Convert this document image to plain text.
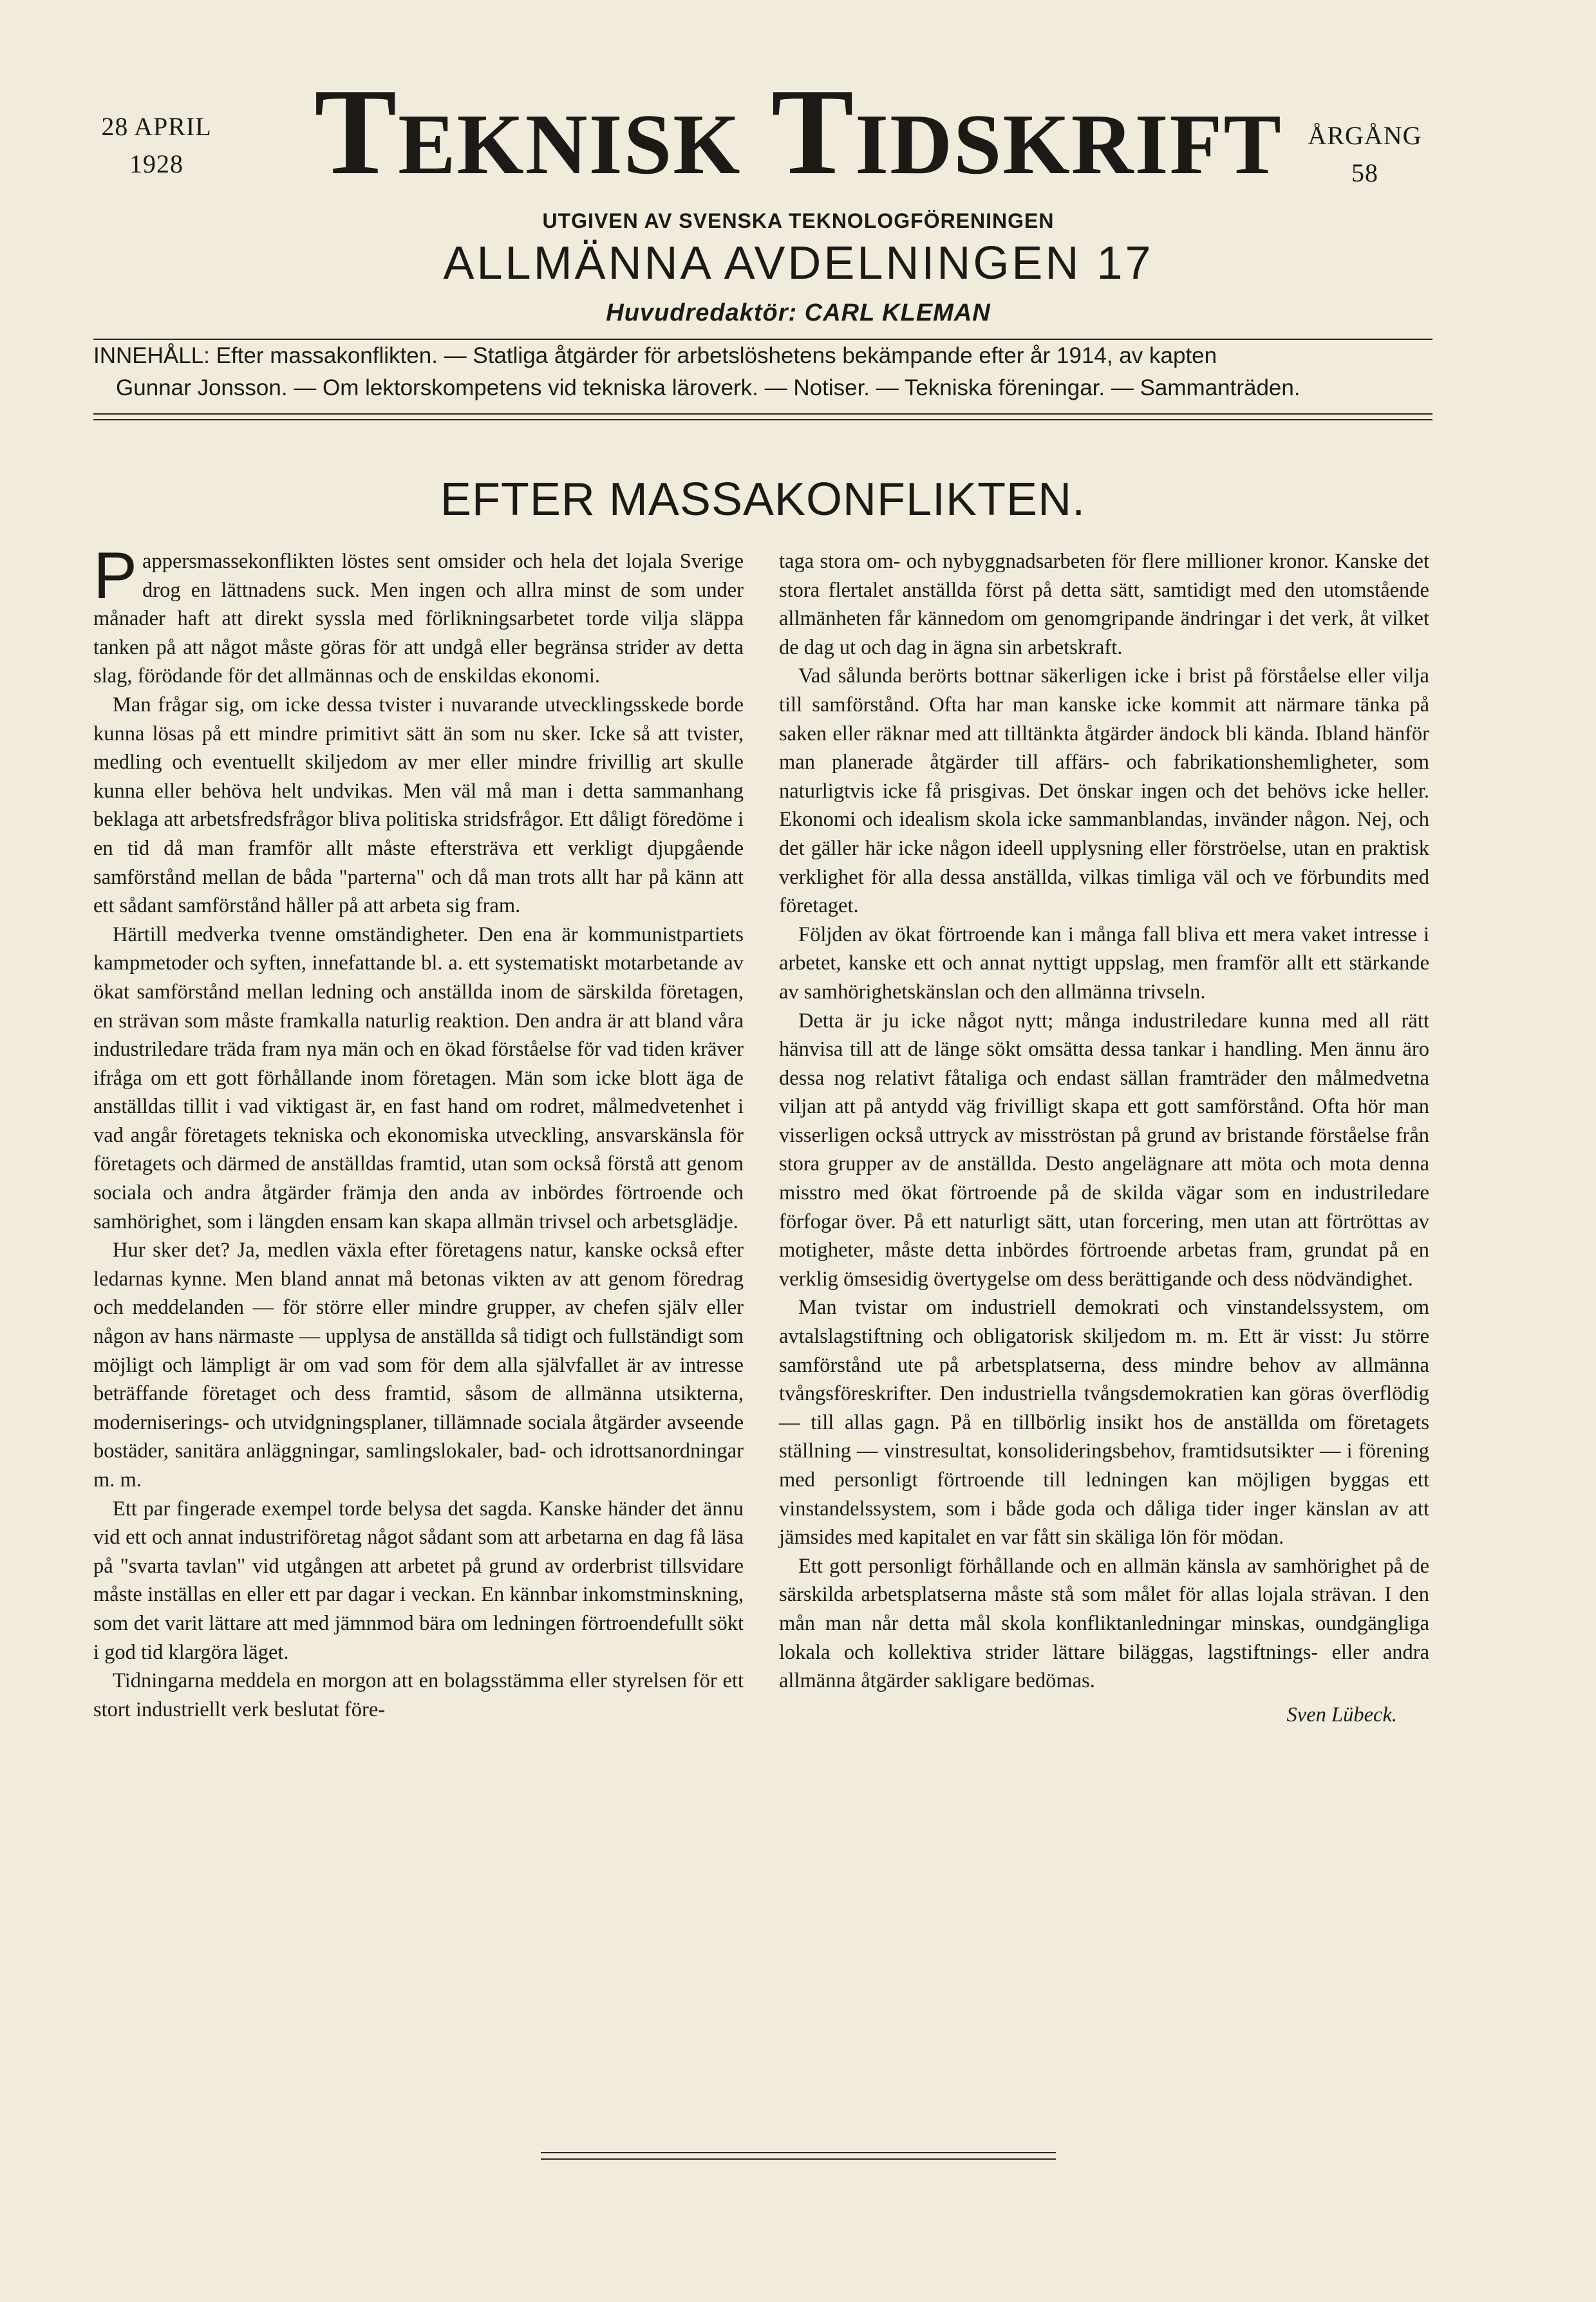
28 APRIL
1928	Teknisk Tidskrift ÅRGÅNG
58
UTGIVEN AV SVENSKA TEKNOLOGFÖRENINGEN
ALLMÄNNA AVDELNINGEN 17
Huvudredaktör: CARL KLEMAN
INNEHÅLL: Efter massakonflikten. — Statliga åtgärder för arbetslöshetens bekämpande efter år 1914, av kapten
Gunnar Jonsson. — Om lektorskompetens vid tekniska läroverk. — Notiser. — Tekniska föreningar. — Sammanträden.
EFTER MASSAKONFLIKTEN.

Pappersmassekonflikten löstes sent omsider och hela det lojala Sverige drog en lättnadens suck. Men ingen och allra minst de som under månader haft att direkt syssla med förlikningsarbetet torde vilja släppa tanken på att något måste göras för att undgå eller begränsa strider av detta slag, förödande för det allmännas och de enskildas ekonomi.

Man frågar sig, om icke dessa tvister i nuvarande utvecklingsskede borde kunna lösas på ett mindre primitivt sätt än som nu sker. Icke så att tvister, medling och eventuellt skiljedom av mer eller mindre frivillig art skulle kunna eller behöva helt undvikas. Men väl må man i detta sammanhang beklaga att arbetsfredsfrågor bliva politiska stridsfrågor. Ett dåligt föredöme i en tid då man framför allt måste eftersträva ett verkligt djupgående samförstånd mellan de båda "parterna" och då man trots allt har på känn att ett sådant samförstånd håller på att arbeta sig fram.

Härtill medverka tvenne omständigheter. Den ena är kommunistpartiets kampmetoder och syften, innefattande bl. a. ett systematiskt motarbetande av ökat samförstånd mellan ledning och anställda inom de särskilda företagen, en strävan som måste framkalla naturlig reaktion. Den andra är att bland våra industriledare träda fram nya män och en ökad förståelse för vad tiden kräver ifråga om ett gott förhållande inom företagen. Män som icke blott äga de anställdas tillit i vad viktigast är, en fast hand om rodret, målmedvetenhet i vad angår företagets tekniska och ekonomiska utveckling, ansvarskänsla för företagets och därmed de anställdas framtid, utan som också förstå att genom sociala och andra åtgärder främja den anda av inbördes förtroende och samhörighet, som i längden ensam kan skapa allmän trivsel och arbetsglädje.

Hur sker det? Ja, medlen växla efter företagens natur, kanske också efter ledarnas kynne. Men bland annat må betonas vikten av att genom föredrag och meddelanden — för större eller mindre grupper, av chefen själv eller någon av hans närmaste — upplysa de anställda så tidigt och fullständigt som möjligt och lämpligt är om vad som för dem alla självfallet är av intresse beträffande företaget och dess framtid, såsom de allmänna utsikterna, moderniserings- och utvidgningsplaner, tillämnade sociala åtgärder avseende bostäder, sanitära anläggningar, samlingslokaler, bad- och idrottsanordningar m. m.

Ett par fingerade exempel torde belysa det sagda. Kanske händer det ännu vid ett och annat industriföretag något sådant som att arbetarna en dag få läsa på "svarta tavlan" vid utgången att arbetet på grund av orderbrist tillsvidare måste inställas en eller ett par dagar i veckan. En kännbar inkomstminskning, som det varit lättare att med jämnmod bära om ledningen förtroendefullt sökt i god tid klargöra läget.

Tidningarna meddela en morgon att en bolagsstämma eller styrelsen för ett stort industriellt verk beslutat före-

taga stora om- och nybyggnadsarbeten för flere millioner kronor. Kanske det stora flertalet anställda först på detta sätt, samtidigt med den utomstående allmänheten får kännedom om genomgripande ändringar i det verk, åt vilket de dag ut och dag in ägna sin arbetskraft.

Vad sålunda berörts bottnar säkerligen icke i brist på förståelse eller vilja till samförstånd. Ofta har man kanske icke kommit att närmare tänka på saken eller räknar med att tilltänkta åtgärder ändock bli kända. Ibland hänför man planerade åtgärder till affärs- och fabrikationshemligheter, som naturligtvis icke få prisgivas. Det önskar ingen och det behövs icke heller. Ekonomi och idealism skola icke sammanblandas, invänder någon. Nej, och det gäller här icke någon ideell upplysning eller förströelse, utan en praktisk verklighet för alla dessa anställda, vilkas timliga väl och ve förbundits med företaget.

Följden av ökat förtroende kan i många fall bliva ett mera vaket intresse i arbetet, kanske ett och annat nyttigt uppslag, men framför allt ett stärkande av samhörighetskänslan och den allmänna trivseln.

Detta är ju icke något nytt; många industriledare kunna med all rätt hänvisa till att de länge sökt omsätta dessa tankar i handling. Men ännu äro dessa nog relativt fåtaliga och endast sällan framträder den målmedvetna viljan att på antydd väg frivilligt skapa ett gott samförstånd. Ofta hör man visserligen också uttryck av misströstan på grund av bristande förståelse från stora grupper av de anställda. Desto angelägnare att möta och mota denna misstro med ökat förtroende på de skilda vägar som en industriledare förfogar över. På ett naturligt sätt, utan forcering, men utan att förtröttas av motigheter, måste detta inbördes förtroende arbetas fram, grundat på en verklig ömsesidig övertygelse om dess berättigande och dess nödvändighet.

Man tvistar om industriell demokrati och vinstandelssystem, om avtalslagstiftning och obligatorisk skiljedom m. m. Ett är visst: Ju större samförstånd ute på arbetsplatserna, dess mindre behov av allmänna tvångsföreskrifter. Den industriella tvångsdemokratien kan göras överflödig — till allas gagn. På en tillbörlig insikt hos de anställda om företagets ställning — vinstresultat, konsolideringsbehov, framtidsutsikter — i förening med personligt förtroende till ledningen kan möjligen byggas ett vinstandelssystem, som i både goda och dåliga tider inger känslan av att jämsides med kapitalet en var fått sin skäliga lön för mödan.

Ett gott personligt förhållande och en allmän känsla av samhörighet på de särskilda arbetsplatserna måste stå som målet för allas lojala strävan. I den mån man når detta mål skola konfliktanledningar minskas, oundgängliga lokala och kollektiva strider lättare biläggas, lagstiftnings- eller andra allmänna åtgärder sakligare bedömas.

Sven Lübeck.
